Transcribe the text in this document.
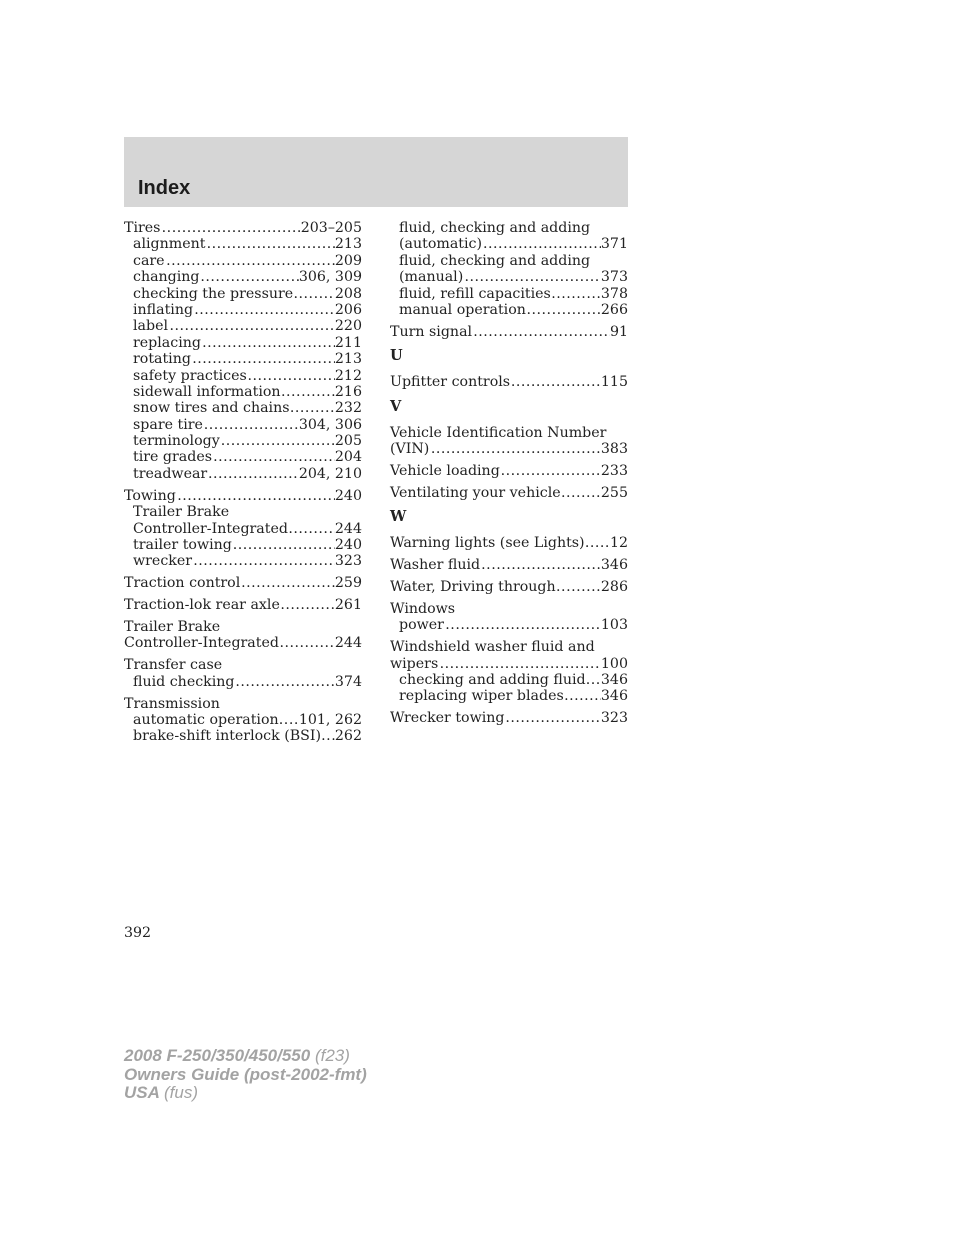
Index
Tires .....	203–205
alignment .....	213
care .....	209
changing .....	306, 309
checking the pressure .....	208
inflating .....	206
label .....	220
replacing .....	211
rotating .....	213
safety practices .....	212
sidewall information .....	216
snow tires and chains .....	232
spare tire .....	304, 306
terminology .....	205
tire grades .....	204
treadwear .....	204, 210
Towing .....	240
Trailer Brake
Controller-Integrated .....	244
trailer towing .....	240
wrecker .....	323
Traction control .....	259
Traction-lok rear axle .....	261
Trailer Brake
Controller-Integrated .....	244
Transfer case
fluid checking .....	374
Transmission
automatic operation ..... 101, 262
brake-shift interlock (BSI) ..... 262
fluid, checking and adding
(automatic) .....	371
fluid, checking and adding
(manual) .....	373
fluid, refill capacities .....	378
manual operation .....	266
Turn signal .....	91
U
Upfitter controls .....	115
V
Vehicle Identification Number
(VIN) .....	383
Vehicle loading .....	233
Ventilating your vehicle .....	255
W
Warning lights (see Lights) ..... 12
Washer fluid .....	346
Water, Driving through .....	286
Windows
power .....	103
Windshield washer fluid and
wipers .....	100
checking and adding fluid ..... 346
replacing wiper blades .....	346
Wrecker towing .....	323
392
2008 F-250/350/450/550 (f23)
Owners Guide (post-2002-fmt)
USA (fus)
